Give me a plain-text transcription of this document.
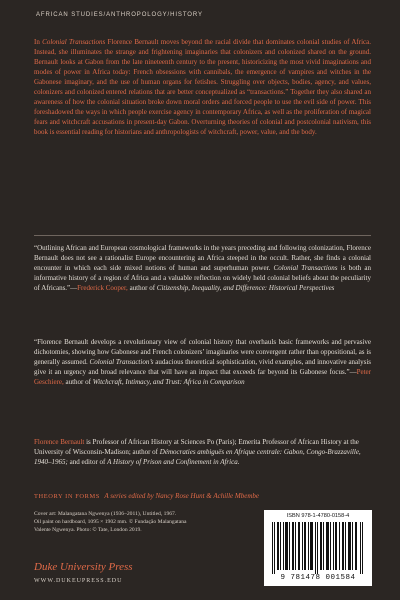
AFRICAN STUDIES/ANTHROPOLOGY/HISTORY
In Colonial Transactions Florence Bernault moves beyond the racial divide that dominates colonial studies of Africa. Instead, she illuminates the strange and frightening imaginaries that colonizers and colonized shared on the ground. Bernault looks at Gabon from the late nineteenth century to the present, historicizing the most vivid imaginations and modes of power in Africa today: French obsessions with cannibals, the emergence of vampires and witches in the Gabonese imaginary, and the use of human organs for fetishes. Struggling over objects, bodies, agency, and values, colonizers and colonized entered relations that are better conceptualized as “transactions.” Together they also shared an awareness of how the colonial situation broke down moral orders and forced people to use the evil side of power. This foreshadowed the ways in which people exercise agency in contemporary Africa, as well as the proliferation of magical fears and witchcraft accusations in present-day Gabon. Overturning theories of colonial and postcolonial nativism, this book is essential reading for historians and anthropologists of witchcraft, power, value, and the body.
“Outlining African and European cosmological frameworks in the years preceding and following colonization, Florence Bernault does not see a rationalist Europe encountering an Africa steeped in the occult. Rather, she finds a colonial encounter in which each side mixed notions of human and superhuman power. Colonial Transactions is both an informative history of a region of Africa and a valuable reflection on widely held colonial beliefs about the peculiarity of Africans.”—Frederick Cooper, author of Citizenship, Inequality, and Difference: Historical Perspectives
“Florence Bernault develops a revolutionary view of colonial history that overhauls basic frameworks and pervasive dichotomies, showing how Gabonese and French colonizers’ imaginaries were convergent rather than oppositional, as is generally assumed. Colonial Transaction’s audacious theoretical sophistication, vivid examples, and innovative analysis give it an urgency and broad relevance that will have an impact that exceeds far beyond its Gabonese focus.”—Peter Geschiere, author of Witchcraft, Intimacy, and Trust: Africa in Comparison
Florence Bernault is Professor of African History at Sciences Po (Paris); Emerita Professor of African History at the University of Wisconsin-Madison; author of Démocraties ambiguës en Afrique centrale: Gabon, Congo-Brazzaville, 1940–1965; and editor of A History of Prison and Confinement in Africa.
THEORY IN FORMS A series edited by Nancy Rose Hunt & Achille Mbembe
Cover art: Malangatana Ngwenya (1936–2011), Untitled, 1967.
Oil paint on hardboard, 1095 × 1902 mm. © Fundação Malangatana
Valente Ngwenya. Photo: © Tate, London 2019.
Duke University Press
WWW.DUKEUPRESS.EDU
ISBN 978-1-4780-0158-4
9 781478 001584
